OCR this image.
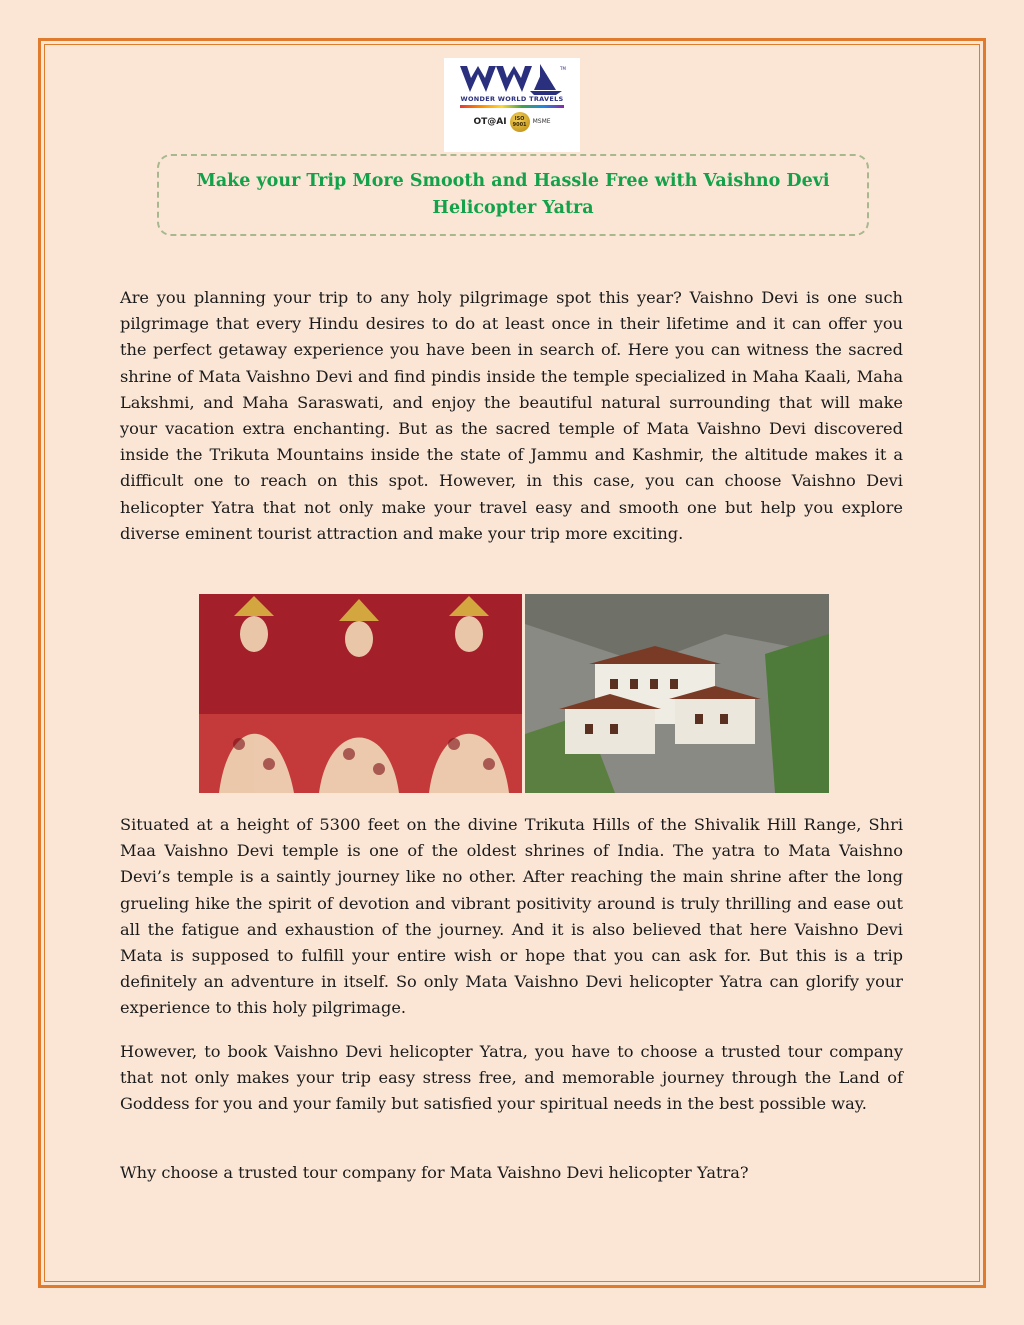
TM
WONDER WORLD TRAVELS
OT@AI	ISO 9001	MSME
Make your Trip More Smooth and Hassle Free with Vaishno Devi Helicopter Yatra

Are you planning your trip to any holy pilgrimage spot this year? Vaishno Devi is one such pilgrimage that every Hindu desires to do at least once in their lifetime and it can offer you the perfect getaway experience you have been in search of. Here you can witness the sacred shrine of Mata Vaishno Devi and find pindis inside the temple specialized in Maha Kaali, Maha Lakshmi, and Maha Saraswati, and enjoy the beautiful natural surrounding that will make your vacation extra enchanting. But as the sacred temple of Mata Vaishno Devi discovered inside the Trikuta Mountains inside the state of Jammu and Kashmir, the altitude makes it a difficult one to reach on this spot. However, in this case, you can choose Vaishno Devi helicopter Yatra that not only make your travel easy and smooth one but help you explore diverse eminent tourist attraction and make your trip more exciting.

Situated at a height of 5300 feet on the divine Trikuta Hills of the Shivalik Hill Range, Shri Maa Vaishno Devi temple is one of the oldest shrines of India. The yatra to Mata Vaishno Devi’s temple is a saintly journey like no other. After reaching the main shrine after the long grueling hike the spirit of devotion and vibrant positivity around is truly thrilling and ease out all the fatigue and exhaustion of the journey. And it is also believed that here Vaishno Devi Mata is supposed to fulfill your entire wish or hope that you can ask for. But this is a trip definitely an adventure in itself. So only Mata Vaishno Devi helicopter Yatra can glorify your experience to this holy pilgrimage.

However, to book Vaishno Devi helicopter Yatra, you have to choose a trusted tour company that not only makes your trip easy stress free, and memorable journey through the Land of Goddess for you and your family but satisfied your spiritual needs in the best possible way.

Why choose a trusted tour company for Mata Vaishno Devi helicopter Yatra?
